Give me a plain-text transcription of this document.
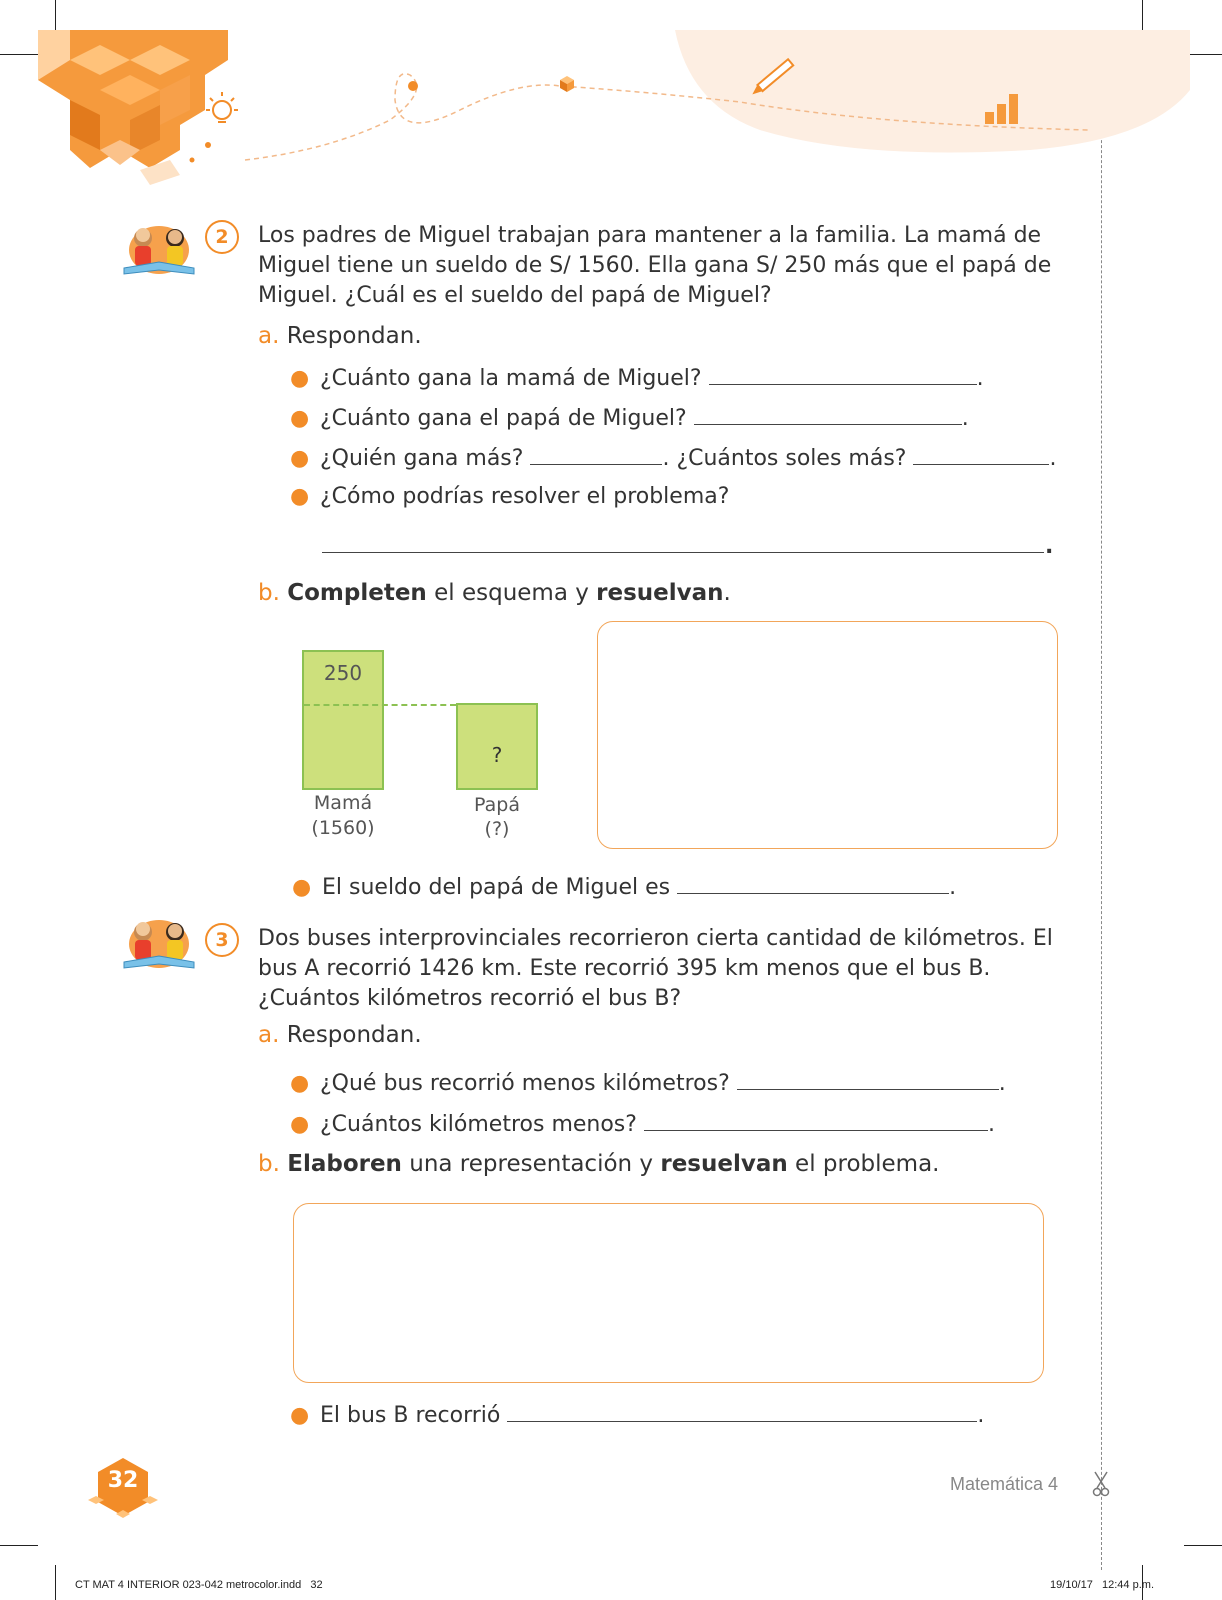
2	Los padres de Miguel trabajan para mantener a la familia. La mamá de Miguel tiene un sueldo de S/ 1560. Ella gana S/ 250 más que el papá de Miguel. ¿Cuál es el sueldo del papá de Miguel?
a. Respondan.
● ¿Cuánto gana la mamá de Miguel?	.
● ¿Cuánto gana el papá de Miguel?	.
● ¿Quién gana más?	. ¿Cuántos soles más?	.
● ¿Cómo podrías resolver el problema?
.
b. Completen el esquema y resuelvan.
250
?
Mamá
(1560)
Papá
(?)
● El sueldo del papá de Miguel es	.
3	Dos buses interprovinciales recorrieron cierta cantidad de kilómetros. El bus A recorrió 1426 km. Este recorrió 395 km menos que el bus B. ¿Cuántos kilómetros recorrió el bus B?
a. Respondan.
● ¿Qué bus recorrió menos kilómetros?	.
● ¿Cuántos kilómetros menos?	.
b. Elaboren una representación y resuelvan el problema.
● El bus B recorrió	.
32	Matemática 4
CT MAT 4 INTERIOR 023-042 metrocolor.indd   32	19/10/17   12:44 p.m.
